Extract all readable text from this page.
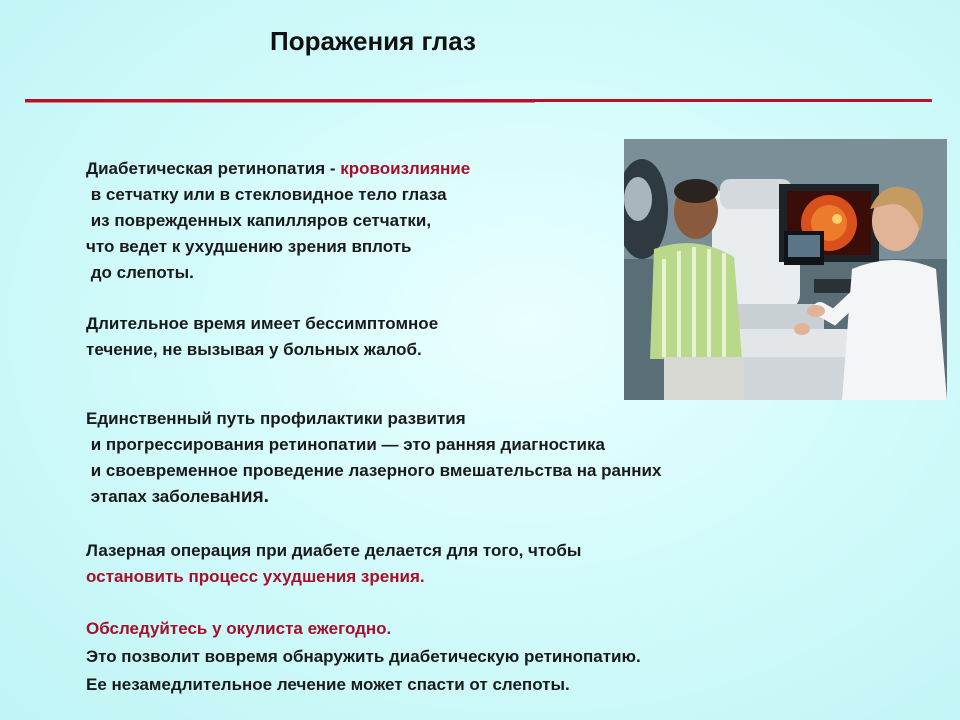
Поражения глаз
Диабетическая ретинопатия - кровоизлияние
в сетчатку или в стекловидное тело глаза
из поврежденных капилляров сетчатки,
что ведет к ухудшению зрения вплоть
до слепоты.
Длительное время имеет бессимптомное
течение, не вызывая у больных жалоб.
Единственный путь профилактики развития
и прогрессирования ретинопатии — это ранняя диагностика
и своевременное проведение лазерного вмешательства на ранних
этапах заболевания.
Лазерная операция при диабете делается для того, чтобы
остановить процесс ухудшения зрения.
Обследуйтесь у окулиста ежегодно.
Это позволит вовремя обнаружить диабетическую ретинопатию.
Ее незамедлительное лечение может спасти от слепоты.
